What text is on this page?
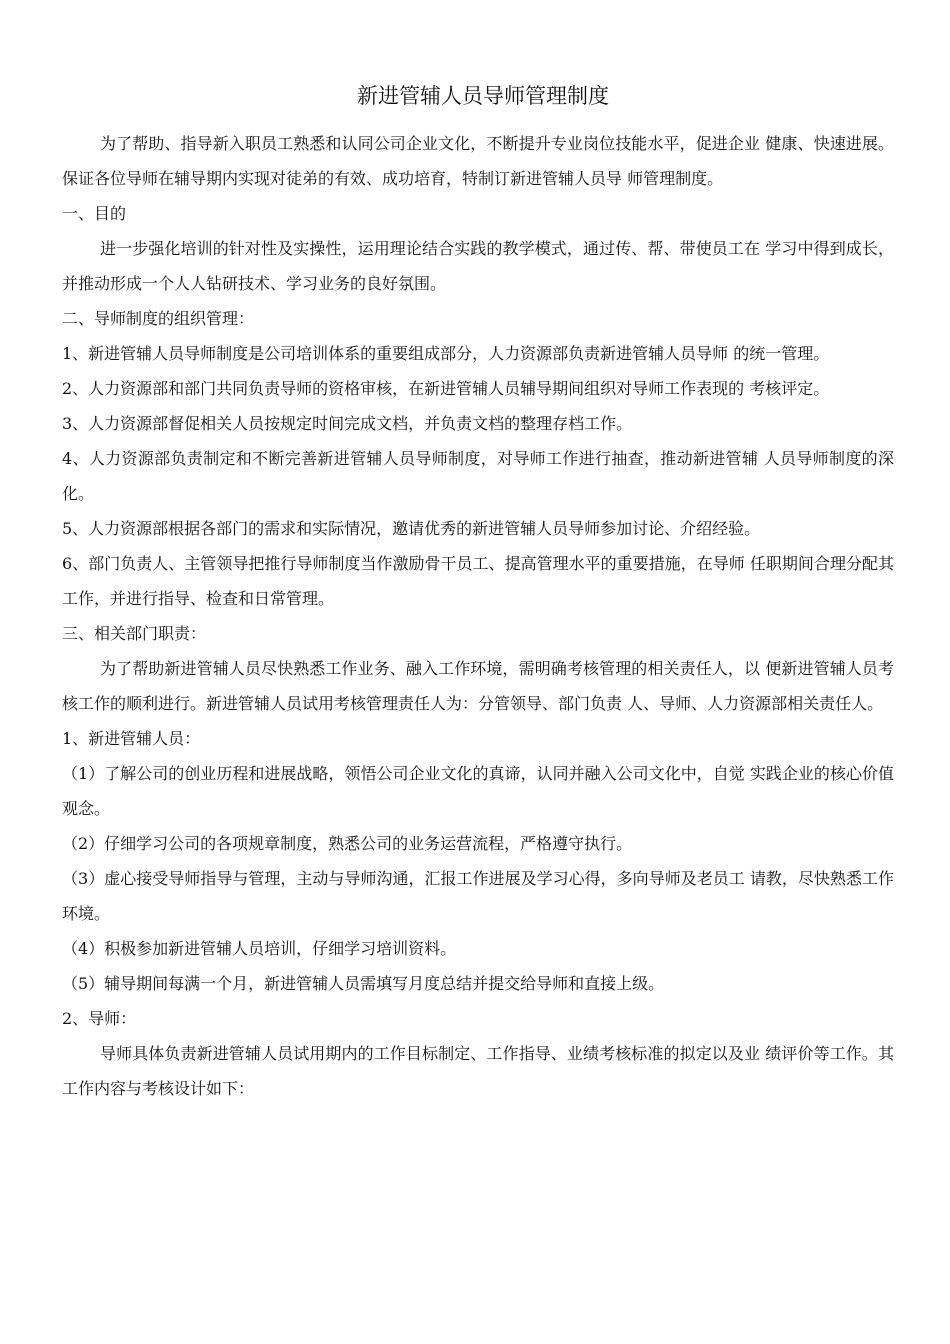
新进管辅人员导师管理制度

为了帮助、指导新入职员工熟悉和认同公司企业文化，不断提升专业岗位技能水平，促进企业 健康、快速进展。保证各位导师在辅导期内实现对徒弟的有效、成功培育，特制订新进管辅人员导 师管理制度。

一、目的

进一步强化培训的针对性及实操性，运用理论结合实践的教学模式，通过传、帮、带使员工在 学习中得到成长，并推动形成一个人人钻研技术、学习业务的良好氛围。

二、导师制度的组织管理：

1、新进管辅人员导师制度是公司培训体系的重要组成部分，人力资源部负责新进管辅人员导师 的统一管理。

2、人力资源部和部门共同负责导师的资格审核，在新进管辅人员辅导期间组织对导师工作表现的 考核评定。

3、人力资源部督促相关人员按规定时间完成文档，并负责文档的整理存档工作。

4、人力资源部负责制定和不断完善新进管辅人员导师制度，对导师工作进行抽查，推动新进管辅 人员导师制度的深化。

5、人力资源部根据各部门的需求和实际情况，邀请优秀的新进管辅人员导师参加讨论、介绍经验。

6、部门负责人、主管领导把推行导师制度当作激励骨干员工、提高管理水平的重要措施，在导师 任职期间合理分配其工作，并进行指导、检查和日常管理。

三、相关部门职责：

为了帮助新进管辅人员尽快熟悉工作业务、融入工作环境，需明确考核管理的相关责任人，以 便新进管辅人员考核工作的顺利进行。新进管辅人员试用考核管理责任人为：分管领导、部门负责 人、导师、人力资源部相关责任人。

1、新进管辅人员：

（1）了解公司的创业历程和进展战略，领悟公司企业文化的真谛，认同并融入公司文化中，自觉 实践企业的核心价值观念。

（2）仔细学习公司的各项规章制度，熟悉公司的业务运营流程，严格遵守执行。

（3）虚心接受导师指导与管理，主动与导师沟通，汇报工作进展及学习心得，多向导师及老员工 请教，尽快熟悉工作环境。

（4）积极参加新进管辅人员培训，仔细学习培训资料。

（5）辅导期间每满一个月，新进管辅人员需填写月度总结并提交给导师和直接上级。

2、导师：

导师具体负责新进管辅人员试用期内的工作目标制定、工作指导、业绩考核标准的拟定以及业 绩评价等工作。其工作内容与考核设计如下：
